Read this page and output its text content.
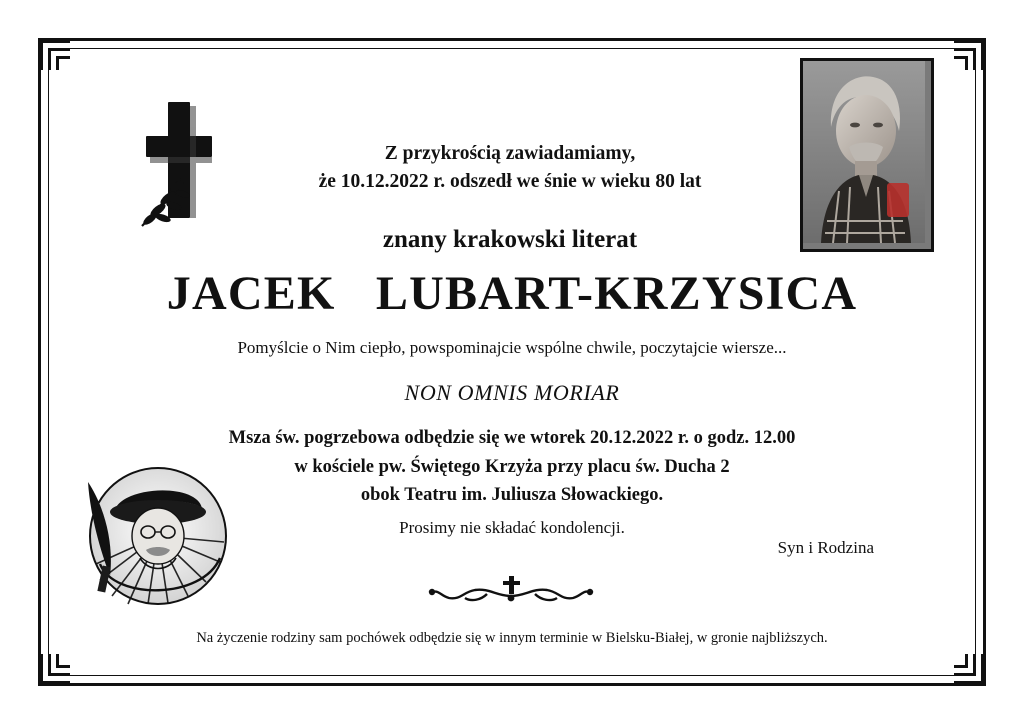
Z przykrością zawiadamiamy,
że 10.12.2022 r. odszedł we śnie w wieku 80 lat
znany krakowski literat
JACEK LUBART-KRZYSICA
Pomyślcie o Nim ciepło, powspominajcie wspólne chwile, poczytajcie wiersze...
NON OMNIS MORIAR
Msza św. pogrzebowa odbędzie się we wtorek 20.12.2022 r. o godz. 12.00
w kościele pw. Świętego Krzyża przy placu św. Ducha 2
obok Teatru im. Juliusza Słowackiego.
Prosimy nie składać kondolencji.
Syn i Rodzina
Na życzenie rodziny sam pochówek odbędzie się w innym terminie w Bielsku-Białej, w gronie najbliższych.
